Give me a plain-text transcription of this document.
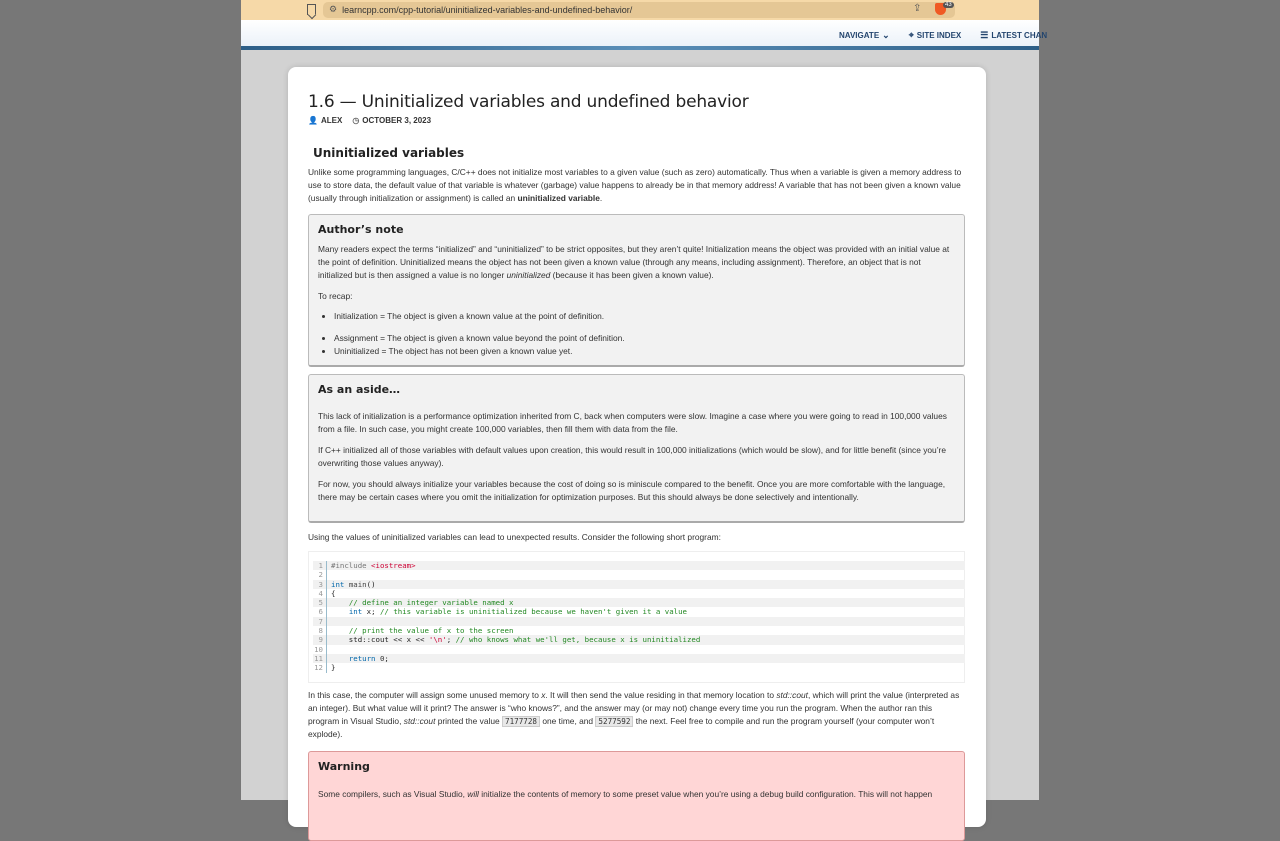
⚙ learncpp.com/cpp-tutorial/uninitialized-variables-and-undefined-behavior/	⇪	43
NAVIGATE ⌄ ⌖ SITE INDEX ☰ LATEST CHAN
1.6 — Uninitialized variables and undefined behavior
👤 ALEX ◷ OCTOBER 3, 2023
Uninitialized variables

Unlike some programming languages, C/C++ does not initialize most variables to a given value (such as zero) automatically. Thus when a variable is given a memory address to use to store data, the default value of that variable is whatever (garbage) value happens to already be in that memory address! A variable that has not been given a known value (usually through initialization or assignment) is called an uninitialized variable.

Author’s note

Many readers expect the terms “initialized” and “uninitialized” to be strict opposites, but they aren’t quite! Initialization means the object was provided with an initial value at the point of definition. Uninitialized means the object has not been given a known value (through any means, including assignment). Therefore, an object that is not initialized but is then assigned a value is no longer uninitialized (because it has been given a known value).

To recap:

• Initialization = The object is given a known value at the point of definition.
• Assignment = The object is given a known value beyond the point of definition.
• Uninitialized = The object has not been given a known value yet.
As an aside…

This lack of initialization is a performance optimization inherited from C, back when computers were slow. Imagine a case where you were going to read in 100,000 values from a file. In such case, you might create 100,000 variables, then fill them with data from the file.

If C++ initialized all of those variables with default values upon creation, this would result in 100,000 initializations (which would be slow), and for little benefit (since you’re overwriting those values anyway).

For now, you should always initialize your variables because the cost of doing so is miniscule compared to the benefit. Once you are more comfortable with the language, there may be certain cases where you omit the initialization for optimization purposes. But this should always be done selectively and intentionally.

Using the values of uninitialized variables can lead to unexpected results. Consider the following short program:

1	#include <iostream>
2
3	int main()
4	{
5	// define an integer variable named x
6	int x; // this variable is uninitialized because we haven't given it a value
7
8	// print the value of x to the screen
9	std::cout << x << '\n'; // who knows what we'll get, because x is uninitialized
10
11	return 0;
12	}

In this case, the computer will assign some unused memory to x. It will then send the value residing in that memory location to std::cout, which will print the value (interpreted as an integer). But what value will it print? The answer is “who knows?”, and the answer may (or may not) change every time you run the program. When the author ran this program in Visual Studio, std::cout printed the value 7177728 one time, and 5277592 the next. Feel free to compile and run the program yourself (your computer won’t explode).

Warning

Some compilers, such as Visual Studio, will initialize the contents of memory to some preset value when you’re using a debug build configuration. This will not happen
